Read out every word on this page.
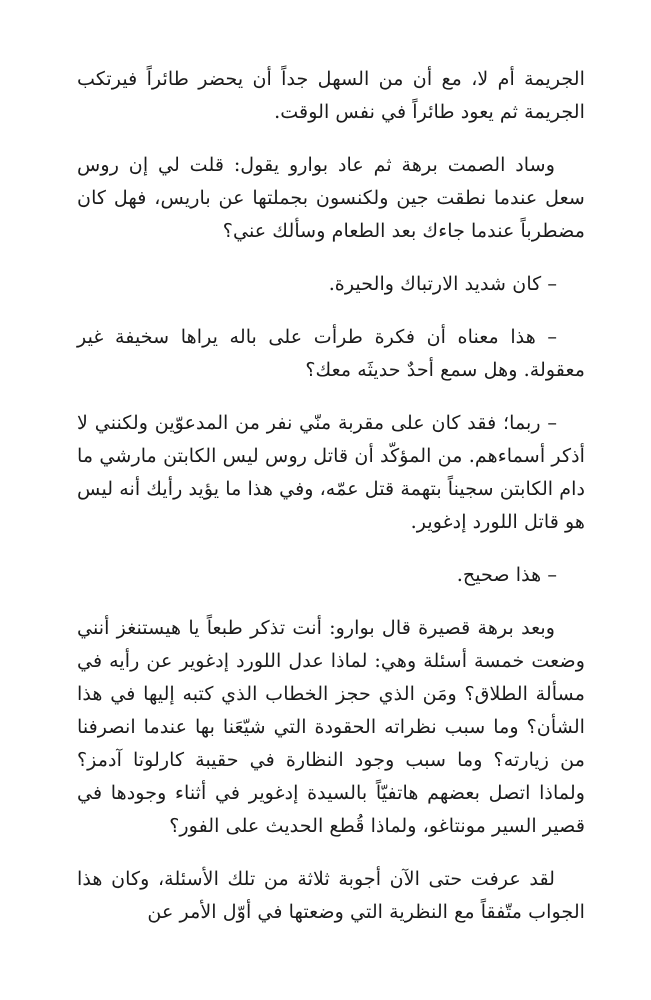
الجريمة أم لا، مع أن من السهل جداً أن يحضر طائراً فيرتكب الجريمة ثم يعود طائراً في نفس الوقت.

وساد الصمت برهة ثم عاد بوارو يقول: قلت لي إن روس سعل عندما نطقت جين ولكنسون بجملتها عن باريس، فهل كان مضطرباً عندما جاءك بعد الطعام وسألك عني؟

– كان شديد الارتباك والحيرة.

– هذا معناه أن فكرة طرأت على باله يراها سخيفة غير معقولة. وهل سمع أحدٌ حديثَه معك؟

– ربما؛ فقد كان على مقربة منّي نفر من المدعوّين ولكنني لا أذكر أسماءهم. من المؤكّد أن قاتل روس ليس الكابتن مارشي ما دام الكابتن سجيناً بتهمة قتل عمّه، وفي هذا ما يؤيد رأيك أنه ليس هو قاتل اللورد إدغوير.

– هذا صحيح.

وبعد برهة قصيرة قال بوارو: أنت تذكر طبعاً يا هيستنغز أنني وضعت خمسة أسئلة وهي: لماذا عدل اللورد إدغوير عن رأيه في مسألة الطلاق؟ ومَن الذي حجز الخطاب الذي كتبه إليها في هذا الشأن؟ وما سبب نظراته الحقودة التي شيّعَنا بها عندما انصرفنا من زيارته؟ وما سبب وجود النظارة في حقيبة كارلوتا آدمز؟ ولماذا اتصل بعضهم هاتفيّاً بالسيدة إدغوير في أثناء وجودها في قصير السير مونتاغو، ولماذا قُطع الحديث على الفور؟

لقد عرفت حتى الآن أجوبة ثلاثة من تلك الأسئلة، وكان هذا الجواب متّفقاً مع النظرية التي وضعتها في أوّل الأمر عن
